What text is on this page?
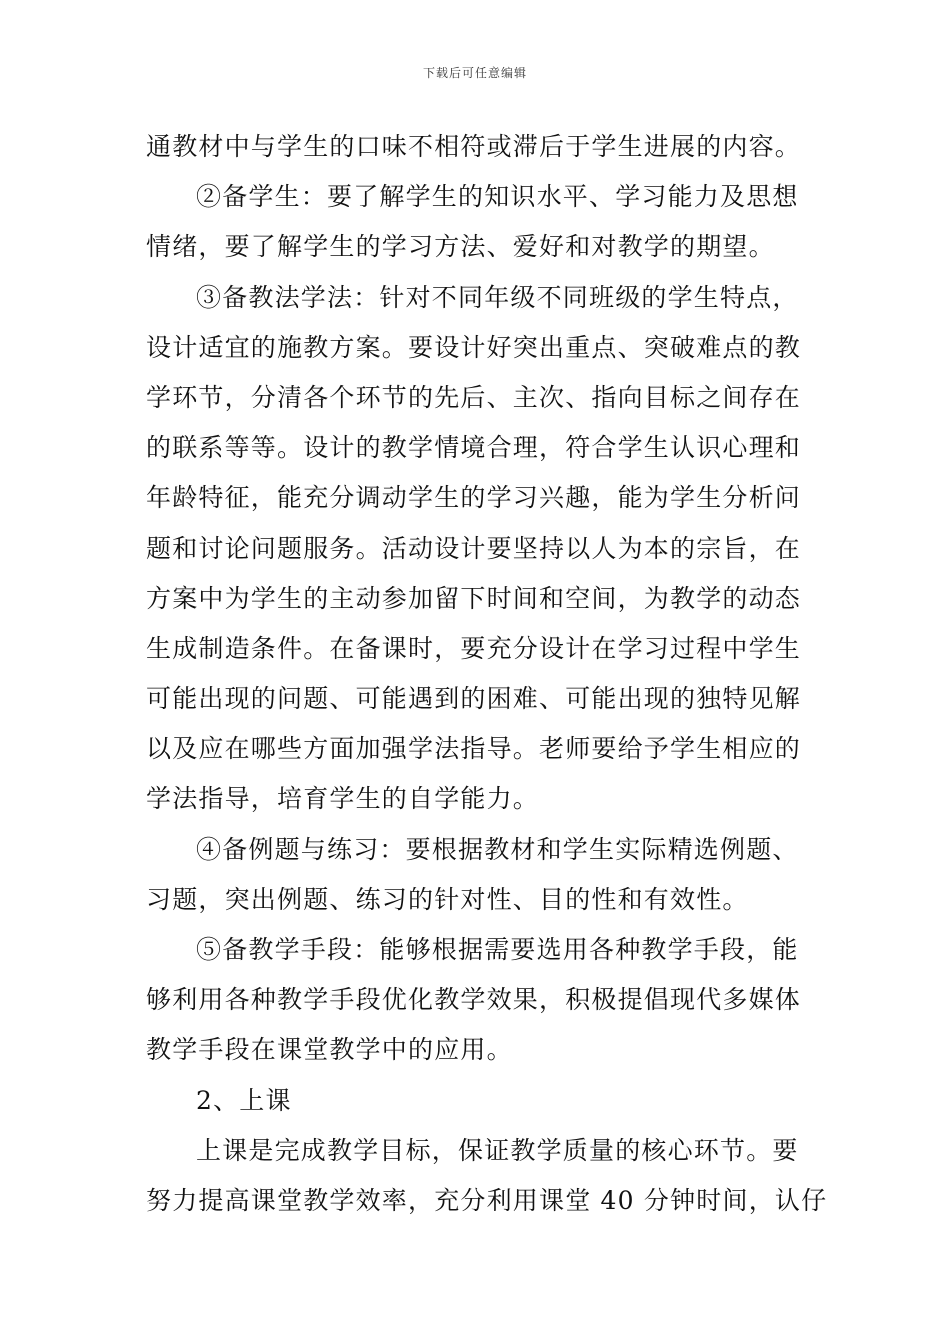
下载后可任意编辑
通教材中与学生的口味不相符或滞后于学生进展的内容。
②备学生：要了解学生的知识水平、学习能力及思想
情绪，要了解学生的学习方法、爱好和对教学的期望。
③备教法学法：针对不同年级不同班级的学生特点，
设计适宜的施教方案。要设计好突出重点、突破难点的教
学环节，分清各个环节的先后、主次、指向目标之间存在
的联系等等。设计的教学情境合理，符合学生认识心理和
年龄特征，能充分调动学生的学习兴趣，能为学生分析问
题和讨论问题服务。活动设计要坚持以人为本的宗旨，在
方案中为学生的主动参加留下时间和空间，为教学的动态
生成制造条件。在备课时，要充分设计在学习过程中学生
可能出现的问题、可能遇到的困难、可能出现的独特见解
以及应在哪些方面加强学法指导。老师要给予学生相应的
学法指导，培育学生的自学能力。
④备例题与练习：要根据教材和学生实际精选例题、
习题，突出例题、练习的针对性、目的性和有效性。
⑤备教学手段：能够根据需要选用各种教学手段，能
够利用各种教学手段优化教学效果，积极提倡现代多媒体
教学手段在课堂教学中的应用。
2、上课
上课是完成教学目标，保证教学质量的核心环节。要
努力提高课堂教学效率，充分利用课堂 40 分钟时间，认仔
